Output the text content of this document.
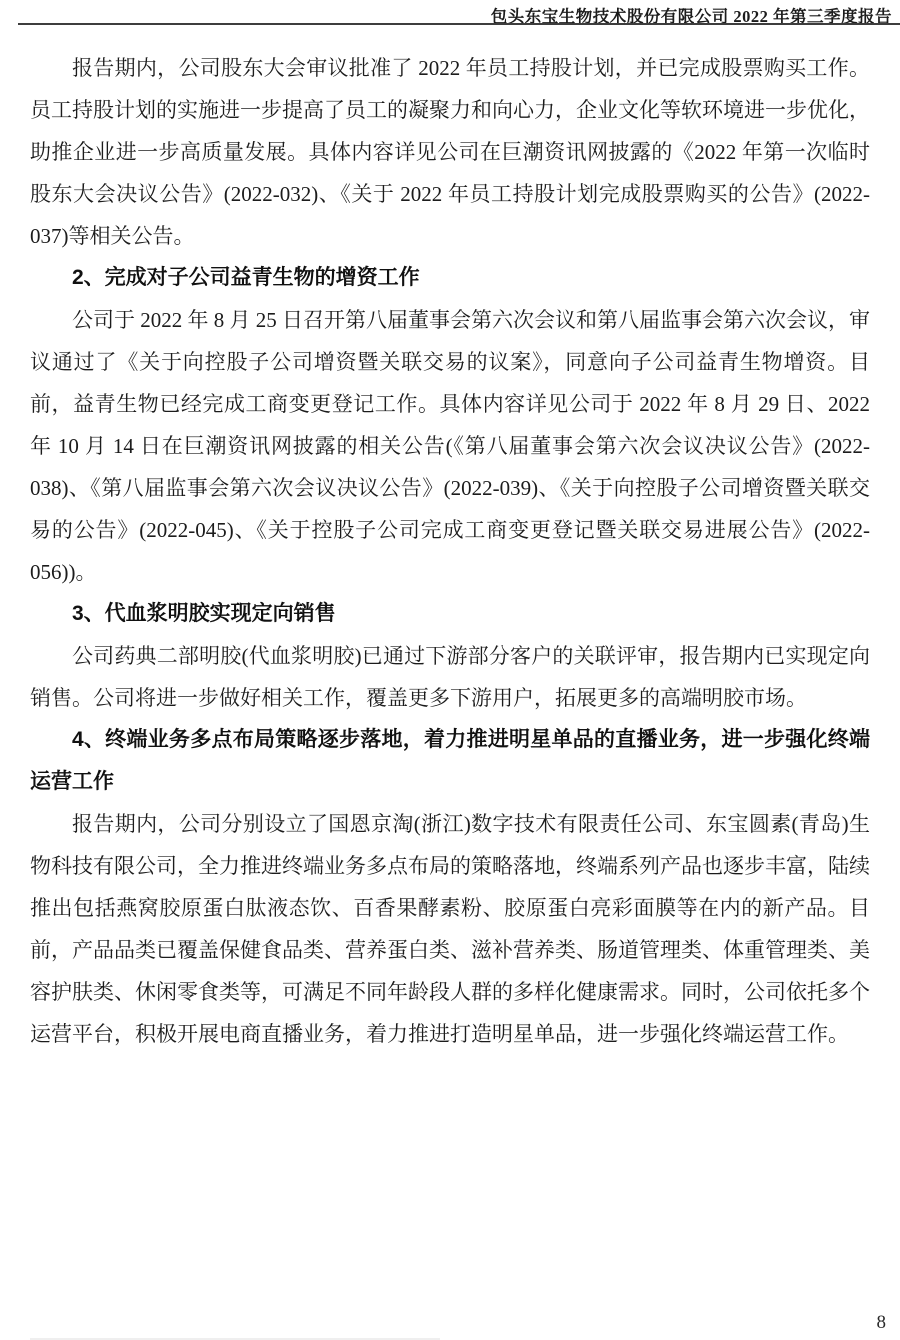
包头东宝生物技术股份有限公司 2022 年第三季度报告

报告期内，公司股东大会审议批准了 2022 年员工持股计划，并已完成股票购买工作。员工持股计划的实施进一步提高了员工的凝聚力和向心力，企业文化等软环境进一步优化，助推企业进一步高质量发展。具体内容详见公司在巨潮资讯网披露的《2022 年第一次临时股东大会决议公告》(2022-032)、《关于 2022 年员工持股计划完成股票购买的公告》(2022-037)等相关公告。

2、完成对子公司益青生物的增资工作

公司于 2022 年 8 月 25 日召开第八届董事会第六次会议和第八届监事会第六次会议，审议通过了《关于向控股子公司增资暨关联交易的议案》，同意向子公司益青生物增资。目前，益青生物已经完成工商变更登记工作。具体内容详见公司于 2022 年 8 月 29 日、2022 年 10 月 14 日在巨潮资讯网披露的相关公告(《第八届董事会第六次会议决议公告》(2022-038)、《第八届监事会第六次会议决议公告》(2022-039)、《关于向控股子公司增资暨关联交易的公告》(2022-045)、《关于控股子公司完成工商变更登记暨关联交易进展公告》(2022-056))。

3、代血浆明胶实现定向销售

公司药典二部明胶(代血浆明胶)已通过下游部分客户的关联评审，报告期内已实现定向销售。公司将进一步做好相关工作，覆盖更多下游用户，拓展更多的高端明胶市场。

4、终端业务多点布局策略逐步落地，着力推进明星单品的直播业务，进一步强化终端运营工作

报告期内，公司分别设立了国恩京淘(浙江)数字技术有限责任公司、东宝圆素(青岛)生物科技有限公司，全力推进终端业务多点布局的策略落地，终端系列产品也逐步丰富，陆续推出包括燕窝胶原蛋白肽液态饮、百香果酵素粉、胶原蛋白亮彩面膜等在内的新产品。目前，产品品类已覆盖保健食品类、营养蛋白类、滋补营养类、肠道管理类、体重管理类、美容护肤类、休闲零食类等，可满足不同年龄段人群的多样化健康需求。同时，公司依托多个运营平台，积极开展电商直播业务，着力推进打造明星单品，进一步强化终端运营工作。

8
